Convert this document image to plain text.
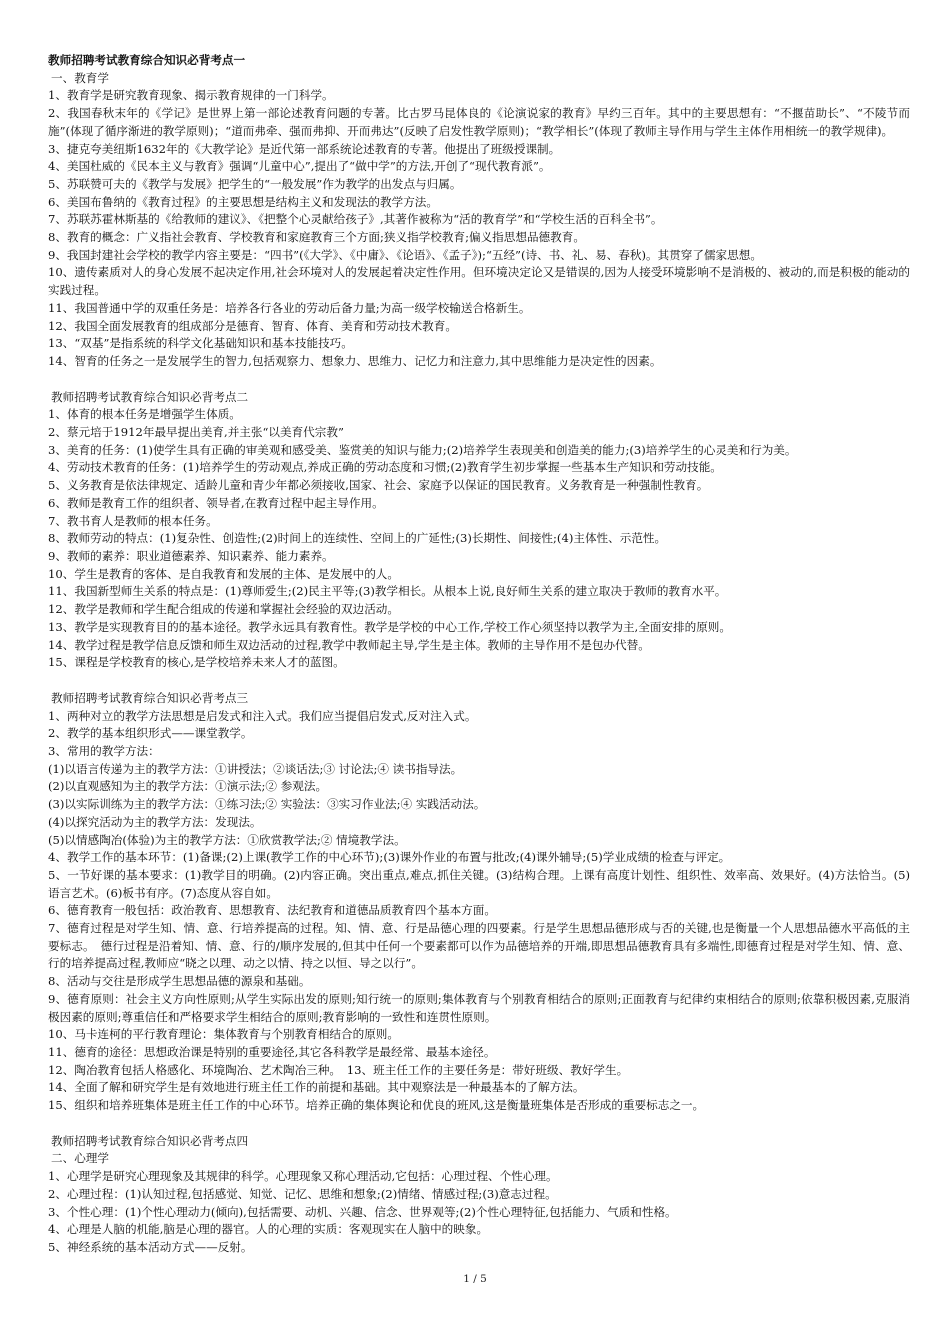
教师招聘考试教育综合知识必背考点一

一、教育学

1、教育学是研究教育现象、揭示教育规律的一门科学。

2、我国春秋末年的《学记》是世界上第一部论述教育问题的专著。比古罗马昆体良的《论演说家的教育》早约三百年。其中的主要思想有：“不揠苗助长”、“不陵节而施”(体现了循序渐进的教学原则)；“道而弗牵、强而弗抑、开而弗达”(反映了启发性教学原则)；“教学相长”(体现了教师主导作用与学生主体作用相统一的教学规律)。

3、捷克夸美纽斯1632年的《大教学论》是近代第一部系统论述教育的专著。他提出了班级授课制。

4、美国杜威的《民本主义与教育》强调“儿童中心”,提出了“做中学”的方法,开创了“现代教育派”。

5、苏联赞可夫的《教学与发展》把学生的“一般发展”作为教学的出发点与归属。

6、美国布鲁纳的《教育过程》的主要思想是结构主义和发现法的教学方法。

7、苏联苏霍林斯基的《给教师的建议》、《把整个心灵献给孩子》,其著作被称为“活的教育学”和“学校生活的百科全书”。

8、教育的概念：广义指社会教育、学校教育和家庭教育三个方面;狭义指学校教育;偏义指思想品德教育。

9、我国封建社会学校的教学内容主要是：“四书”(《大学》、《中庸》、《论语》、《孟子》);“五经”(诗、书、礼、易、春秋)。其贯穿了儒家思想。

10、遗传素质对人的身心发展不起决定作用,社会环境对人的发展起着决定性作用。但环境决定论又是错误的,因为人接受环境影响不是消极的、被动的,而是积极的能动的实践过程。

11、我国普通中学的双重任务是：培养各行各业的劳动后备力量;为高一级学校输送合格新生。

12、我国全面发展教育的组成部分是德育、智育、体育、美育和劳动技术教育。

13、“双基”是指系统的科学文化基础知识和基本技能技巧。

14、智育的任务之一是发展学生的智力,包括观察力、想象力、思维力、记忆力和注意力,其中思维能力是决定性的因素。

教师招聘考试教育综合知识必背考点二

1、体育的根本任务是增强学生体质。

2、蔡元培于1912年最早提出美育,并主张“以美育代宗教”

3、美育的任务：(1)使学生具有正确的审美观和感受美、鉴赏美的知识与能力;(2)培养学生表现美和创造美的能力;(3)培养学生的心灵美和行为美。

4、劳动技术教育的任务：(1)培养学生的劳动观点,养成正确的劳动态度和习惯;(2)教育学生初步掌握一些基本生产知识和劳动技能。

5、义务教育是依法律规定、适龄儿童和青少年都必须接收,国家、社会、家庭予以保证的国民教育。义务教育是一种强制性教育。

6、教师是教育工作的组织者、领导者,在教育过程中起主导作用。

7、教书育人是教师的根本任务。

8、教师劳动的特点：(1)复杂性、创造性;(2)时间上的连续性、空间上的广延性;(3)长期性、间接性;(4)主体性、示范性。

9、教师的素养：职业道德素养、知识素养、能力素养。

10、学生是教育的客体、是自我教育和发展的主体、是发展中的人。

11、我国新型师生关系的特点是：(1)尊师爱生;(2)民主平等;(3)教学相长。从根本上说,良好师生关系的建立取决于教师的教育水平。

12、教学是教师和学生配合组成的传递和掌握社会经验的双边活动。

13、教学是实现教育目的的基本途径。教学永远具有教育性。教学是学校的中心工作,学校工作心须坚持以教学为主,全面安排的原则。

14、教学过程是教学信息反馈和师生双边活动的过程,教学中教师起主导,学生是主体。教师的主导作用不是包办代替。

15、课程是学校教育的核心,是学校培养未来人才的蓝图。

教师招聘考试教育综合知识必背考点三

1、两种对立的教学方法思想是启发式和注入式。我们应当提倡启发式,反对注入式。

2、教学的基本组织形式——课堂教学。

3、常用的教学方法：

(1)以语言传递为主的教学方法：①讲授法；②谈话法;③ 讨论法;④ 读书指导法。

(2)以直观感知为主的教学方法：①演示法;② 参观法。

(3)以实际训练为主的教学方法：①练习法;② 实验法：③实习作业法;④ 实践活动法。

(4)以探究活动为主的教学方法：发现法。

(5)以情感陶冶(体验)为主的教学方法：①欣赏教学法;② 情境教学法。

4、教学工作的基本环节：(1)备课;(2)上课(教学工作的中心环节);(3)课外作业的布置与批改;(4)课外辅导;(5)学业成绩的检查与评定。

5、一节好课的基本要求：(1)教学目的明确。(2)内容正确。突出重点,难点,抓住关键。(3)结构合理。上课有高度计划性、组织性、效率高、效果好。(4)方法恰当。(5)语言艺术。(6)板书有序。(7)态度从容自如。

6、德育教育一般包括：政治教育、思想教育、法纪教育和道德品质教育四个基本方面。

7、德育过程是对学生知、情、意、行培养提高的过程。知、情、意、行是品德心理的四要素。行是学生思想品德形成与否的关键,也是衡量一个人思想品德水平高低的主要标志。　德行过程是沿着知、情、意、行的/顺序发展的,但其中任何一个要素都可以作为品德培养的开端,即思想品德教育具有多端性,即德育过程是对学生知、情、意、行的培养提高过程,教师应“晓之以理、动之以情、持之以恒、导之以行”。

8、活动与交往是形成学生思想品德的源泉和基础。

9、德育原则：社会主义方向性原则;从学生实际出发的原则;知行统一的原则;集体教育与个别教育相结合的原则;正面教育与纪律约束相结合的原则;依靠积极因素,克服消极因素的原则;尊重信任和严格要求学生相结合的原则;教育影响的一致性和连贯性原则。

10、马卡连柯的平行教育理论：集体教育与个别教育相结合的原则。

11、德育的途径：思想政治课是特别的重要途径,其它各科教学是最经常、最基本途径。

12、陶冶教育包括人格感化、环境陶冶、艺术陶冶三种。　13、班主任工作的主要任务是：带好班级、教好学生。

14、全面了解和研究学生是有效地进行班主任工作的前提和基础。其中观察法是一种最基本的了解方法。

15、组织和培养班集体是班主任工作的中心环节。培养正确的集体舆论和优良的班风,这是衡量班集体是否形成的重要标志之一。

教师招聘考试教育综合知识必背考点四

二、心理学

1、心理学是研究心理现象及其规律的科学。心理现象又称心理活动,它包括：心理过程、个性心理。

2、心理过程：(1)认知过程,包括感觉、知觉、记忆、思维和想象;(2)情绪、情感过程;(3)意志过程。

3、个性心理：(1)个性心理动力(倾向),包括需要、动机、兴趣、信念、世界观等;(2)个性心理特征,包括能力、气质和性格。

4、心理是人脑的机能,脑是心理的器官。人的心理的实质：客观现实在人脑中的映象。

5、神经系统的基本活动方式——反射。

1 / 5
